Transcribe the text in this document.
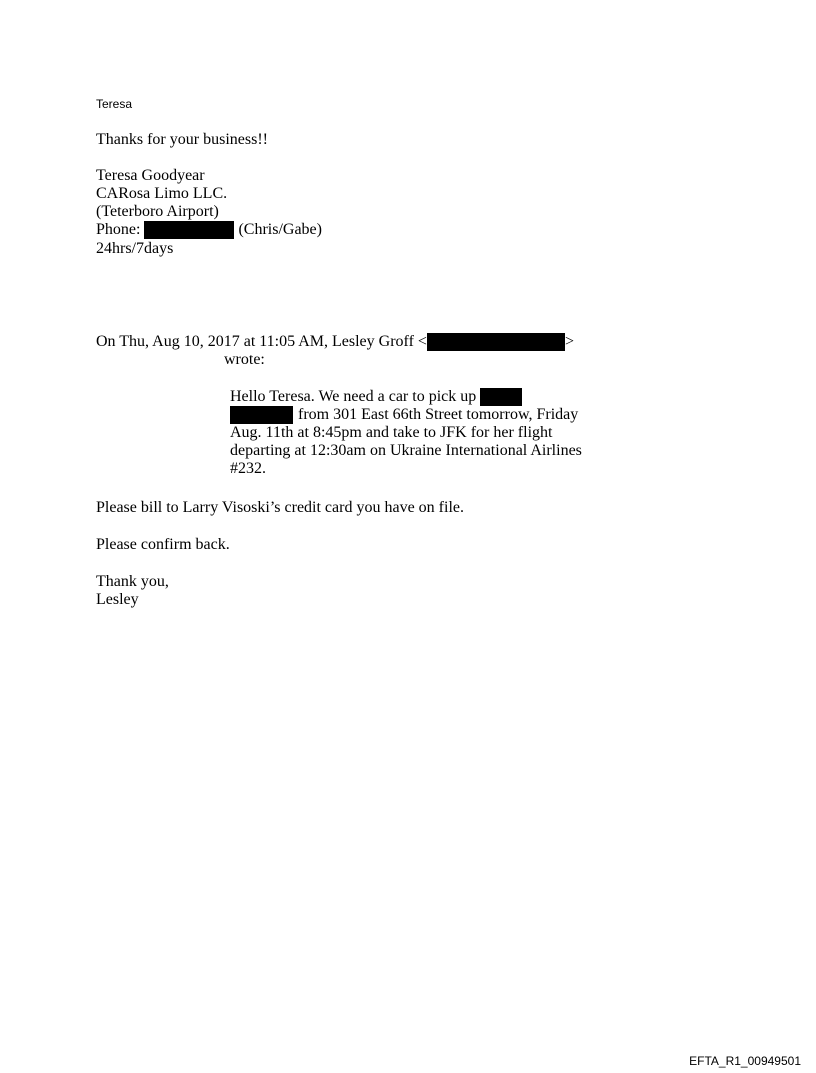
Teresa
Thanks for your business!!
Teresa Goodyear
CARosa Limo LLC.
(Teterboro Airport)
Phone:	(Chris/Gabe)
24hrs/7days
On Thu, Aug 10, 2017 at 11:05 AM, Lesley Groff <	>
wrote:
Hello Teresa. We need a car to pick up
from 301 East 66th Street tomorrow, Friday
Aug. 11th at 8:45pm and take to JFK for her flight
departing at 12:30am on Ukraine International Airlines
#232.
Please bill to Larry Visoski’s credit card you have on file.
Please confirm back.
Thank you,
Lesley
EFTA_R1_00949501
